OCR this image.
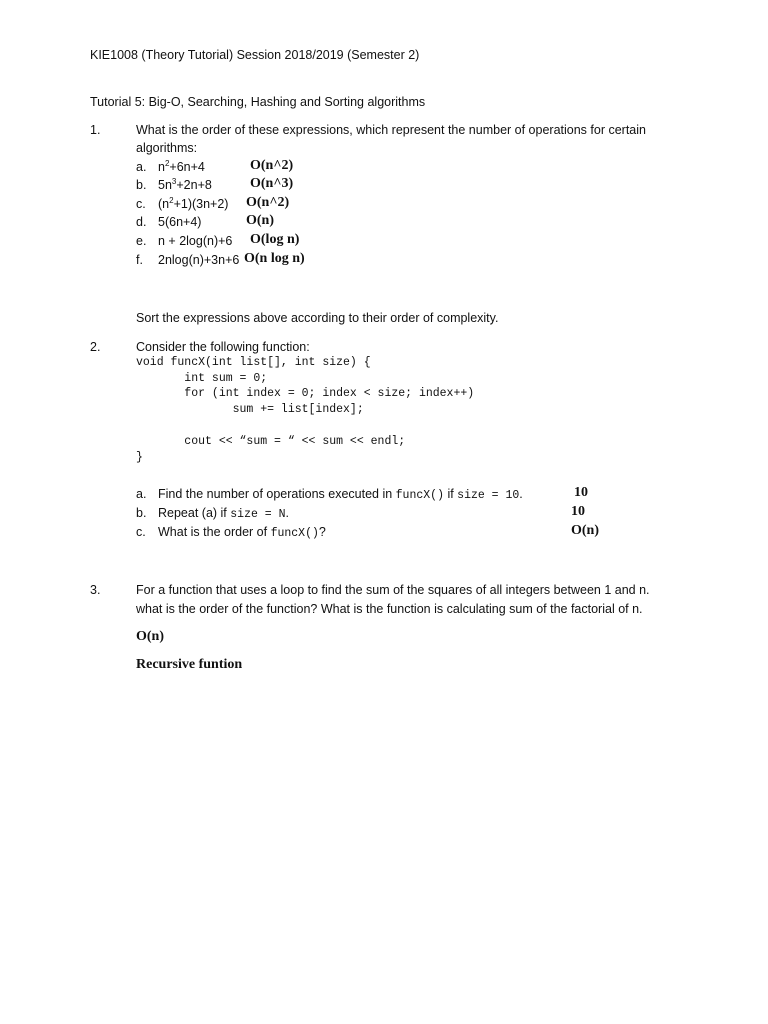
KIE1008 (Theory Tutorial) Session 2018/2019 (Semester 2)
Tutorial 5: Big-O, Searching, Hashing and Sorting algorithms
1.	What is the order of these expressions, which represent the number of operations for certain
algorithms:
a. $n^2+6n+4$	O(n^2)
b. $5n^3+2n+8$	O(n^3)
c. $(n^2+1)(3n+2)$ O(n^2)
d. 5(6n+4)	O(n)
e. n + 2log(n)+6 O(log n)
f. 2nlog(n)+3n+6 O(n log n)
Sort the expressions above according to their order of complexity.
2.	Consider the following function:
void funcX(int list[], int size) {
int sum = 0;
for (int index = 0; index < size; index++)
sum += list[index];
cout << “sum = “ << sum << endl;
}
a. Find the number of operations executed in funcX() if size = 10.	10
b. Repeat (a) if size = N.	10
c. What is the order of funcX()?	O(n)
3.	For a function that uses a loop to find the sum of the squares of all integers between 1 and n.
what is the order of the function? What is the function is calculating sum of the factorial of n.
O(n)
Recursive funtion
